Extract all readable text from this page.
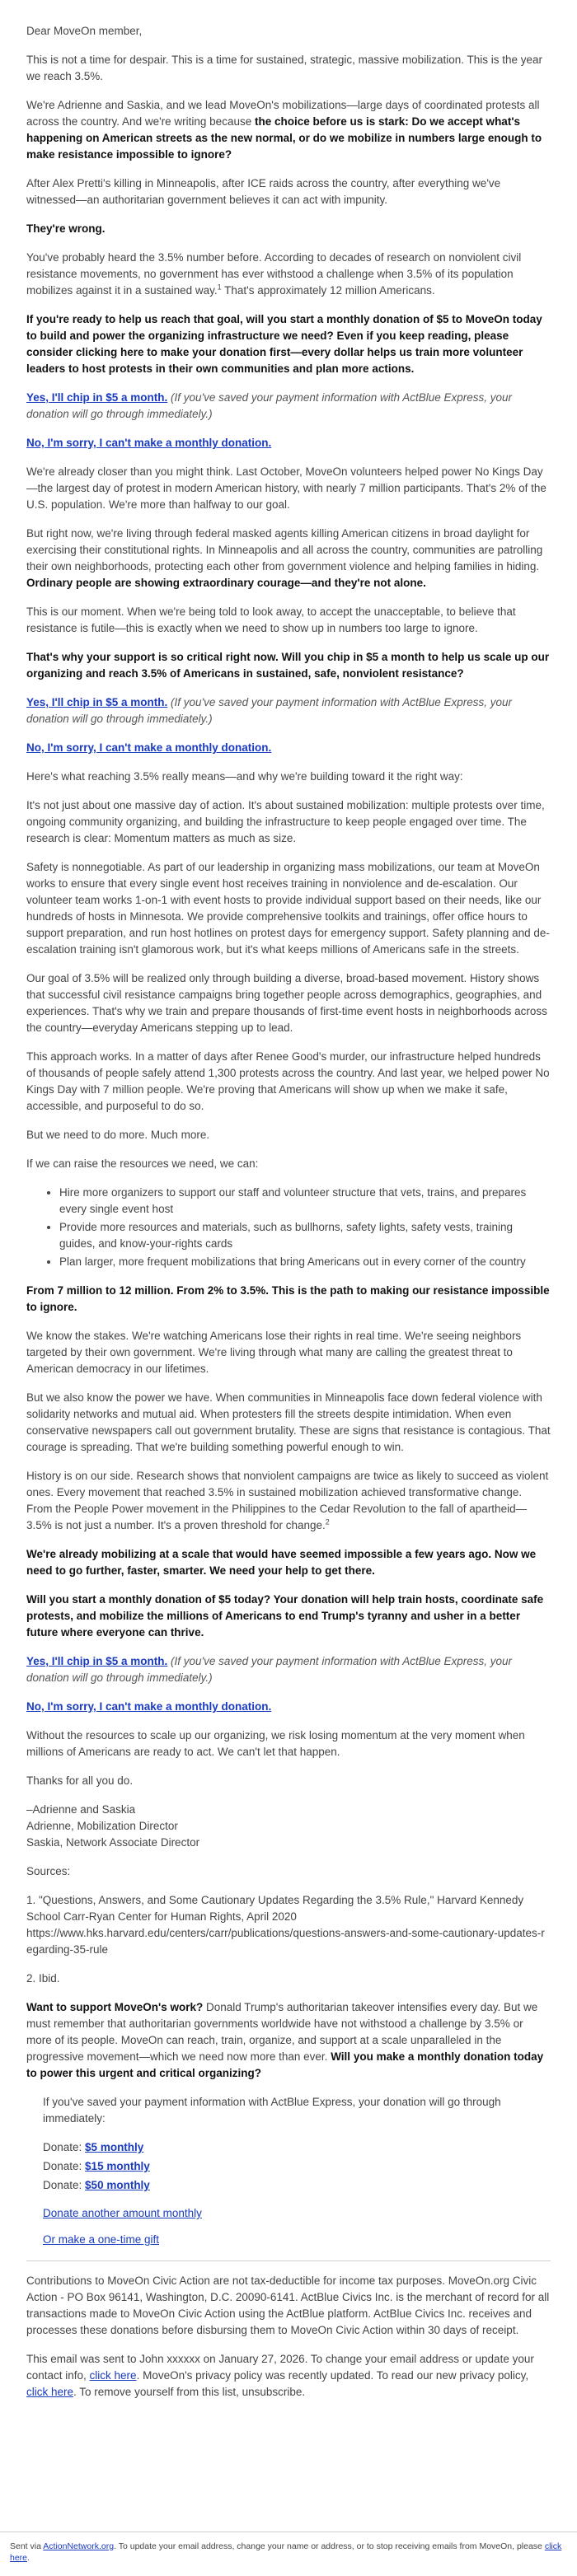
Dear MoveOn member,

This is not a time for despair. This is a time for sustained, strategic, massive mobilization. This is the year we reach 3.5%.

We're Adrienne and Saskia, and we lead MoveOn's mobilizations—large days of coordinated protests all across the country. And we're writing because the choice before us is stark: Do we accept what's happening on American streets as the new normal, or do we mobilize in numbers large enough to make resistance impossible to ignore?

After Alex Pretti's killing in Minneapolis, after ICE raids across the country, after everything we've witnessed—an authoritarian government believes it can act with impunity.

They're wrong.

You've probably heard the 3.5% number before. According to decades of research on nonviolent civil resistance movements, no government has ever withstood a challenge when 3.5% of its population mobilizes against it in a sustained way.$^1$ That's approximately 12 million Americans.

If you're ready to help us reach that goal, will you start a monthly donation of $5 to MoveOn today to build and power the organizing infrastructure we need? Even if you keep reading, please consider clicking here to make your donation first—every dollar helps us train more volunteer leaders to host protests in their own communities and plan more actions.

Yes, I'll chip in $5 a month. (If you've saved your payment information with ActBlue Express, your donation will go through immediately.)

No, I'm sorry, I can't make a monthly donation.

We're already closer than you might think. Last October, MoveOn volunteers helped power No Kings Day—the largest day of protest in modern American history, with nearly 7 million participants. That's 2% of the U.S. population. We're more than halfway to our goal.

But right now, we're living through federal masked agents killing American citizens in broad daylight for exercising their constitutional rights. In Minneapolis and all across the country, communities are patrolling their own neighborhoods, protecting each other from government violence and helping families in hiding. Ordinary people are showing extraordinary courage—and they're not alone.

This is our moment. When we're being told to look away, to accept the unacceptable, to believe that resistance is futile—this is exactly when we need to show up in numbers too large to ignore.

That's why your support is so critical right now. Will you chip in $5 a month to help us scale up our organizing and reach 3.5% of Americans in sustained, safe, nonviolent resistance?

Yes, I'll chip in $5 a month. (If you've saved your payment information with ActBlue Express, your donation will go through immediately.)

No, I'm sorry, I can't make a monthly donation.

Here's what reaching 3.5% really means—and why we're building toward it the right way:

It's not just about one massive day of action. It's about sustained mobilization: multiple protests over time, ongoing community organizing, and building the infrastructure to keep people engaged over time. The research is clear: Momentum matters as much as size.

Safety is nonnegotiable. As part of our leadership in organizing mass mobilizations, our team at MoveOn works to ensure that every single event host receives training in nonviolence and de-escalation. Our volunteer team works 1-on-1 with event hosts to provide individual support based on their needs, like our hundreds of hosts in Minnesota. We provide comprehensive toolkits and trainings, offer office hours to support preparation, and run host hotlines on protest days for emergency support. Safety planning and de-escalation training isn't glamorous work, but it's what keeps millions of Americans safe in the streets.

Our goal of 3.5% will be realized only through building a diverse, broad-based movement. History shows that successful civil resistance campaigns bring together people across demographics, geographies, and experiences. That's why we train and prepare thousands of first-time event hosts in neighborhoods across the country—everyday Americans stepping up to lead.

This approach works. In a matter of days after Renee Good's murder, our infrastructure helped hundreds of thousands of people safely attend 1,300 protests across the country. And last year, we helped power No Kings Day with 7 million people. We're proving that Americans will show up when we make it safe, accessible, and purposeful to do so.

But we need to do more. Much more.

If we can raise the resources we need, we can:

• Hire more organizers to support our staff and volunteer structure that vets, trains, and prepares every single event host
• Provide more resources and materials, such as bullhorns, safety lights, safety vests, training guides, and know-your-rights cards
• Plan larger, more frequent mobilizations that bring Americans out in every corner of the country

From 7 million to 12 million. From 2% to 3.5%. This is the path to making our resistance impossible to ignore.

We know the stakes. We're watching Americans lose their rights in real time. We're seeing neighbors targeted by their own government. We're living through what many are calling the greatest threat to American democracy in our lifetimes.

But we also know the power we have. When communities in Minneapolis face down federal violence with solidarity networks and mutual aid. When protesters fill the streets despite intimidation. When even conservative newspapers call out government brutality. These are signs that resistance is contagious. That courage is spreading. That we're building something powerful enough to win.

History is on our side. Research shows that nonviolent campaigns are twice as likely to succeed as violent ones. Every movement that reached 3.5% in sustained mobilization achieved transformative change. From the People Power movement in the Philippines to the Cedar Revolution to the fall of apartheid—3.5% is not just a number. It's a proven threshold for change.$^2$

We're already mobilizing at a scale that would have seemed impossible a few years ago. Now we need to go further, faster, smarter. We need your help to get there.

Will you start a monthly donation of $5 today? Your donation will help train hosts, coordinate safe protests, and mobilize the millions of Americans to end Trump's tyranny and usher in a better future where everyone can thrive.

Yes, I'll chip in $5 a month. (If you've saved your payment information with ActBlue Express, your donation will go through immediately.)

No, I'm sorry, I can't make a monthly donation.

Without the resources to scale up our organizing, we risk losing momentum at the very moment when millions of Americans are ready to act. We can't let that happen.

Thanks for all you do.

–Adrienne and Saskia
Adrienne, Mobilization Director
Saskia, Network Associate Director

Sources:

1. "Questions, Answers, and Some Cautionary Updates Regarding the 3.5% Rule," Harvard Kennedy School Carr-Ryan Center for Human Rights, April 2020
https://www.hks.harvard.edu/centers/carr/publications/questions-answers-and-some-cautionary-updates-regarding-35-rule

2. Ibid.

Want to support MoveOn's work? Donald Trump's authoritarian takeover intensifies every day. But we must remember that authoritarian governments worldwide have not withstood a challenge by 3.5% or more of its people. MoveOn can reach, train, organize, and support at a scale unparalleled in the progressive movement—which we need now more than ever. Will you make a monthly donation today to power this urgent and critical organizing?

If you've saved your payment information with ActBlue Express, your donation will go through immediately:

Donate: $5 monthly
Donate: $15 monthly
Donate: $50 monthly

Donate another amount monthly

Or make a one-time gift

Contributions to MoveOn Civic Action are not tax-deductible for income tax purposes. MoveOn.org Civic Action - PO Box 96141, Washington, D.C. 20090-6141. ActBlue Civics Inc. is the merchant of record for all transactions made to MoveOn Civic Action using the ActBlue platform. ActBlue Civics Inc. receives and processes these donations before disbursing them to MoveOn Civic Action within 30 days of receipt.

This email was sent to John xxxxxx on January 27, 2026. To change your email address or update your contact info, click here. MoveOn's privacy policy was recently updated. To read our new privacy policy, click here. To remove yourself from this list, unsubscribe.

Sent via ActionNetwork.org. To update your email address, change your name or address, or to stop receiving emails from MoveOn, please click here.
